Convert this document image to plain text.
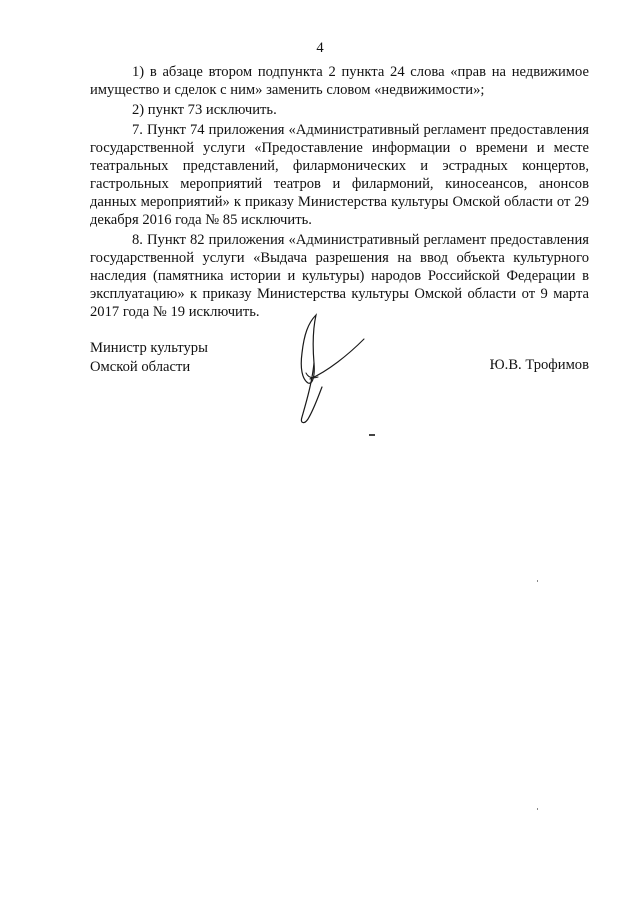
4

1) в абзаце втором подпункта 2 пункта 24 слова «прав на недвижимое имущество и сделок с ним» заменить словом «недвижимости»;

2) пункт 73 исключить.

7. Пункт 74 приложения «Административный регламент предоставления государственной услуги «Предоставление информации о времени и месте театральных представлений, филармонических и эстрадных концертов, гастрольных мероприятий театров и филармоний, киносеансов, анонсов данных мероприятий» к приказу Министерства культуры Омской области от 29 декабря 2016 года № 85 исключить.

8. Пункт 82 приложения «Административный регламент предоставления государственной услуги «Выдача разрешения на ввод объекта культурного наследия (памятника истории и культуры) народов Российской Федерации в эксплуатацию» к приказу Министерства культуры Омской области от 9 марта 2017 года № 19 исключить.

Министр культуры
Омской области	Ю.В. Трофимов
